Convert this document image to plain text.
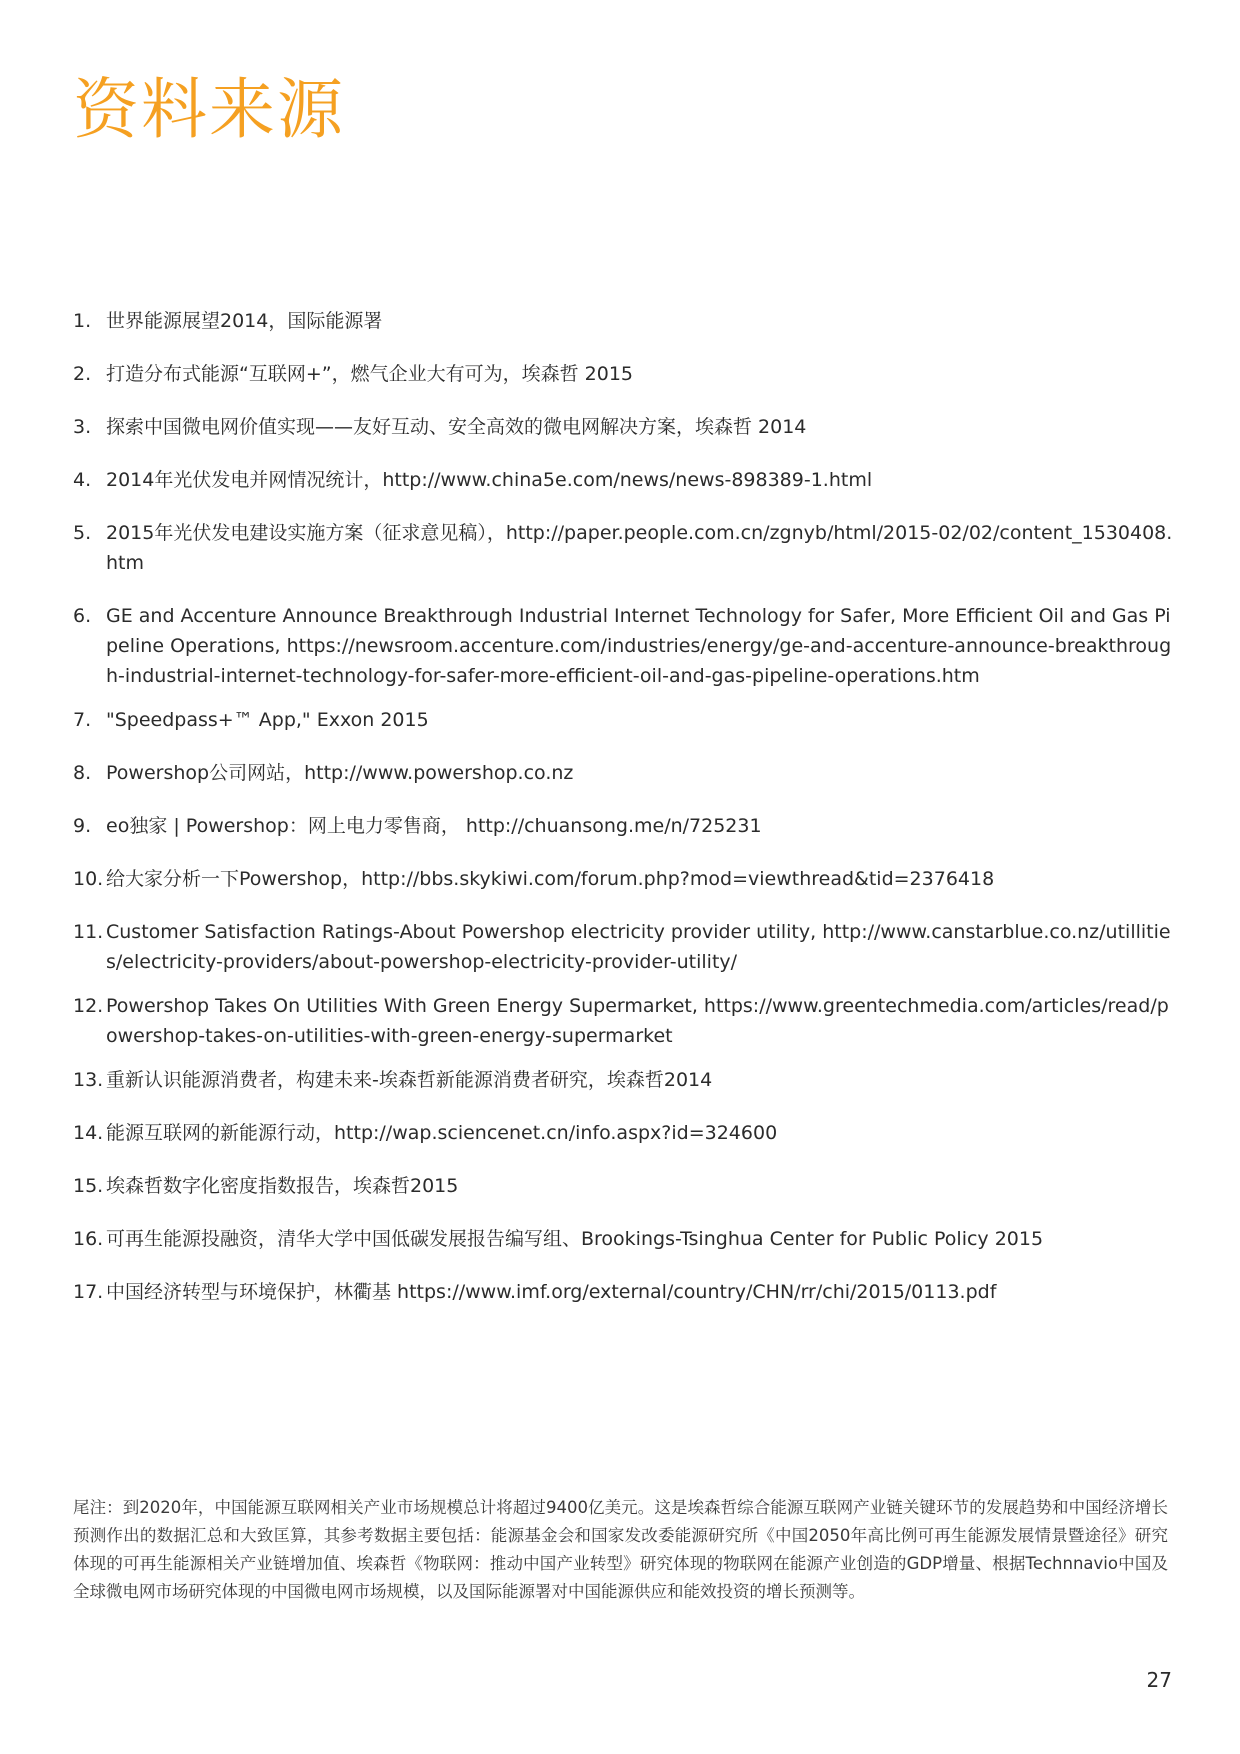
资料来源
1. 世界能源展望2014，国际能源署
2. 打造分布式能源“互联网+”，燃气企业大有可为，埃森哲 2015
3. 探索中国微电网价值实现——友好互动、安全高效的微电网解决方案，埃森哲 2014
4. 2014年光伏发电并网情况统计，http://www.china5e.com/news/news-898389-1.html
5. 2015年光伏发电建设实施方案（征求意见稿），http://paper.people.com.cn/zgnyb/html/2015-02/02/content_1530408.htm
6. GE and Accenture Announce Breakthrough Industrial Internet Technology for Safer, More Efficient Oil and Gas Pipeline Operations, https://newsroom.accenture.com/industries/energy/ge-and-accenture-announce-breakthrough-industrial-internet-technology-for-safer-more-efficient-oil-and-gas-pipeline-operations.htm
7. "Speedpass+™ App," Exxon 2015
8. Powershop公司网站，http://www.powershop.co.nz
9. eo独家 | Powershop：网上电力零售商， http://chuansong.me/n/725231
10. 给大家分析一下Powershop，http://bbs.skykiwi.com/forum.php?mod=viewthread&tid=2376418
11. Customer Satisfaction Ratings-About Powershop electricity provider utility, http://www.canstarblue.co.nz/utillities/electricity-providers/about-powershop-electricity-provider-utility/
12. Powershop Takes On Utilities With Green Energy Supermarket, https://www.greentechmedia.com/articles/read/powershop-takes-on-utilities-with-green-energy-supermarket
13. 重新认识能源消费者，构建未来-埃森哲新能源消费者研究，埃森哲2014
14. 能源互联网的新能源行动，http://wap.sciencenet.cn/info.aspx?id=324600
15. 埃森哲数字化密度指数报告，埃森哲2015
16. 可再生能源投融资，清华大学中国低碳发展报告编写组、Brookings-Tsinghua Center for Public Policy 2015
17. 中国经济转型与环境保护，林衢基 https://www.imf.org/external/country/CHN/rr/chi/2015/0113.pdf

尾注：到2020年，中国能源互联网相关产业市场规模总计将超过9400亿美元。这是埃森哲综合能源互联网产业链关键环节的发展趋势和中国经济增长预测作出的数据汇总和大致匡算，其参考数据主要包括：能源基金会和国家发改委能源研究所《中国2050年高比例可再生能源发展情景暨途径》研究体现的可再生能源相关产业链增加值、埃森哲《物联网：推动中国产业转型》研究体现的物联网在能源产业创造的GDP增量、根据Technnavio中国及全球微电网市场研究体现的中国微电网市场规模，以及国际能源署对中国能源供应和能效投资的增长预测等。

27
